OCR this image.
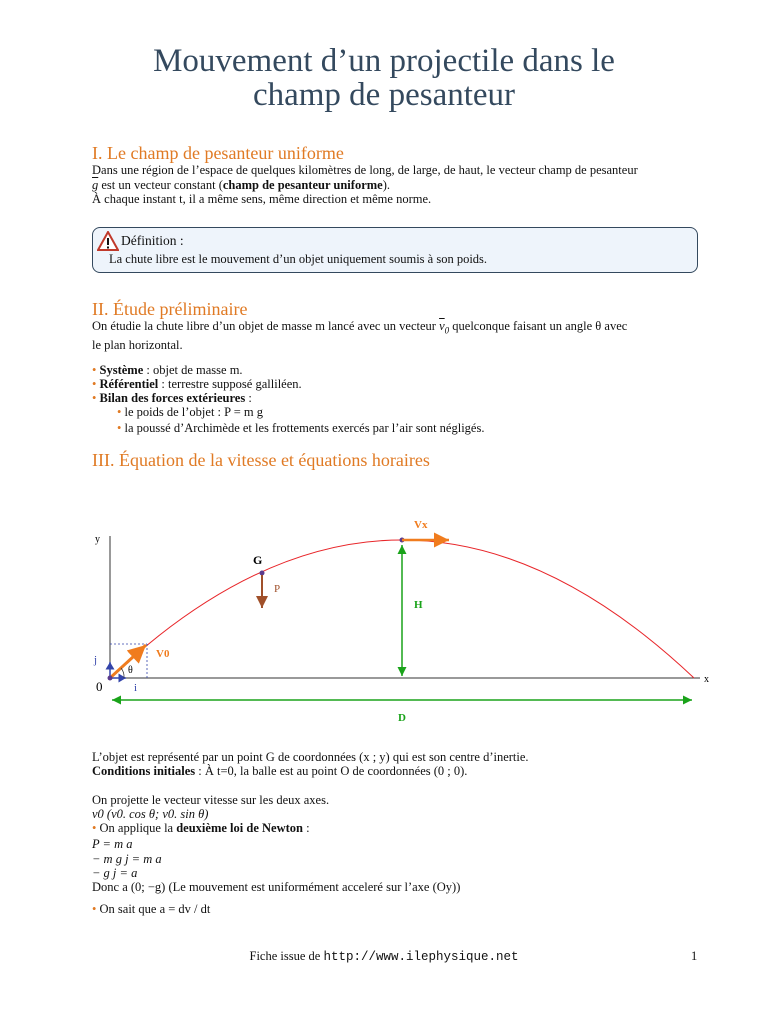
Mouvement d’un projectile dans le
champ de pesanteur
I. Le champ de pesanteur uniforme
Dans une région de l’espace de quelques kilomètres de long, de large, de haut, le vecteur champ de pesanteur
$\overline{g}$ est un vecteur constant (champ de pesanteur uniforme).
À chaque instant t, il a même sens, même direction et même norme.
Définition :
La chute libre est le mouvement d’un objet uniquement soumis à son poids.
II. Étude préliminaire
On étudie la chute libre d’un objet de masse m lancé avec un vecteur $\overline{v}_0$ quelconque faisant un angle θ avec
le plan horizontal.
• Système : objet de masse m.
• Référentiel : terrestre supposé galliléen.
• Bilan des forces extérieures :
• le poids de l’objet : P = m g
• la poussé d’Archimède et les frottements exercés par l’air sont négligés.
III. Équation de la vitesse et équations horaires
y
x
0	i
j	V0
θ
G
P
Vx
H
D
L’objet est représenté par un point G de coordonnées (x ; y) qui est son centre d’inertie.
Conditions initiales : À t=0, la balle est au point O de coordonnées (0 ; 0).
On projette le vecteur vitesse sur les deux axes.
v0 (v0. cos θ; v0. sin θ)
• On applique la deuxième loi de Newton :
P = m a
− m g j = m a
− g j = a
Donc a (0; −g) (Le mouvement est uniformément acceleré sur l’axe (Oy))
• On sait que a = dv / dt
Fiche issue de http://www.ilephysique.net	1
